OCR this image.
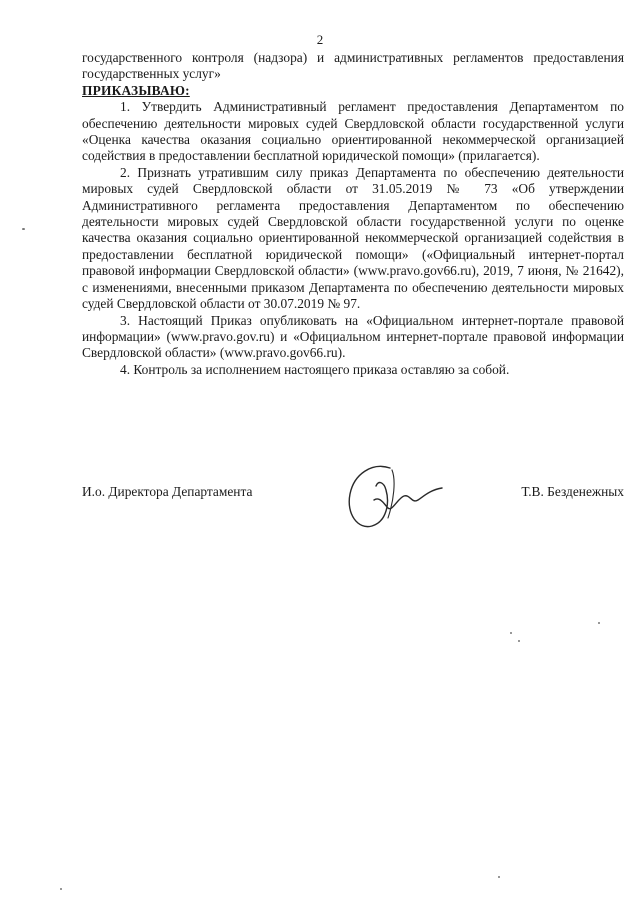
2

государственного контроля (надзора) и административных регламентов предоставления государственных услуг»

ПРИКАЗЫВАЮ:

1. Утвердить Административный регламент предоставления Департаментом по обеспечению деятельности мировых судей Свердловской области государственной услуги «Оценка качества оказания социально ориентированной некоммерческой организацией содействия в предоставлении бесплатной юридической помощи» (прилагается).

2. Признать утратившим силу приказ Департамента по обеспечению деятельности мировых судей Свердловской области от 31.05.2019 № 73 «Об утверждении Административного регламента предоставления Департаментом по обеспечению деятельности мировых судей Свердловской области государственной услуги по оценке качества оказания социально ориентированной некоммерческой организацией содействия в предоставлении бесплатной юридической помощи» («Официальный интернет-портал правовой информации Свердловской области» (www.pravo.gov66.ru), 2019, 7 июня, № 21642), с изменениями, внесенными приказом Департамента по обеспечению деятельности мировых судей Свердловской области от 30.07.2019 № 97.

3. Настоящий Приказ опубликовать на «Официальном интернет-портале правовой информации» (www.pravo.gov.ru) и «Официальном интернет-портале правовой информации Свердловской области» (www.pravo.gov66.ru).

4. Контроль за исполнением настоящего приказа оставляю за собой.

И.о. Директора Департамента	Т.В. Безденежных
